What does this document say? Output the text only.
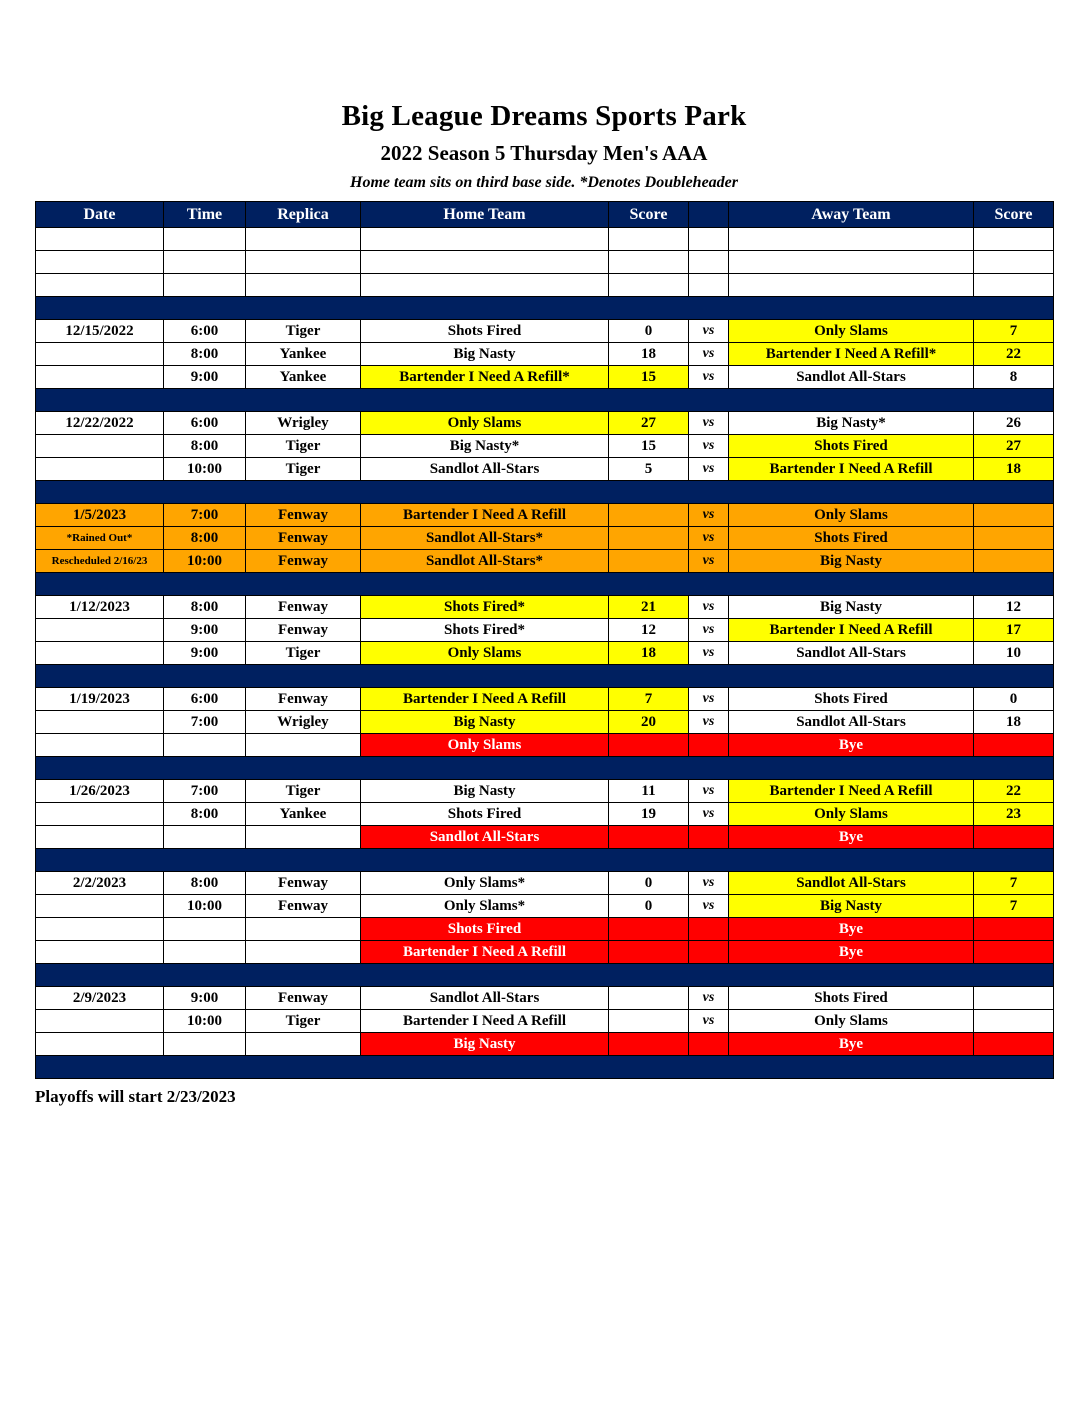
Big League Dreams Sports Park
2022 Season 5 Thursday Men's AAA
Home team sits on third base side. *Denotes Doubleheader
Date	Time	Replica	Home Team	Score		Away Team	Score

12/15/2022	6:00	Tiger	Shots Fired	0	vs	Only Slams	7
	8:00	Yankee	Big Nasty	18	vs	Bartender I Need A Refill*	22
	9:00	Yankee	Bartender I Need A Refill*	15	vs	Sandlot All-Stars	8

12/22/2022	6:00	Wrigley	Only Slams	27	vs	Big Nasty*	26
	8:00	Tiger	Big Nasty*	15	vs	Shots Fired	27
	10:00	Tiger	Sandlot All-Stars	5	vs	Bartender I Need A Refill	18

1/5/2023	7:00	Fenway	Bartender I Need A Refill		vs	Only Slams	
*Rained Out*	8:00	Fenway	Sandlot All-Stars*		vs	Shots Fired	
Rescheduled 2/16/23	10:00	Fenway	Sandlot All-Stars*		vs	Big Nasty	

1/12/2023	8:00	Fenway	Shots Fired*	21	vs	Big Nasty	12
	9:00	Fenway	Shots Fired*	12	vs	Bartender I Need A Refill	17
	9:00	Tiger	Only Slams	18	vs	Sandlot All-Stars	10

1/19/2023	6:00	Fenway	Bartender I Need A Refill	7	vs	Shots Fired	0
	7:00	Wrigley	Big Nasty	20	vs	Sandlot All-Stars	18
			Only Slams			Bye	

1/26/2023	7:00	Tiger	Big Nasty	11	vs	Bartender I Need A Refill	22
	8:00	Yankee	Shots Fired	19	vs	Only Slams	23
			Sandlot All-Stars			Bye	

2/2/2023	8:00	Fenway	Only Slams*	0	vs	Sandlot All-Stars	7
	10:00	Fenway	Only Slams*	0	vs	Big Nasty	7
			Shots Fired			Bye	
			Bartender I Need A Refill			Bye	

2/9/2023	9:00	Fenway	Sandlot All-Stars		vs	Shots Fired	
	10:00	Tiger	Bartender I Need A Refill		vs	Only Slams	
			Big Nasty			Bye	

Playoffs will start 2/23/2023
